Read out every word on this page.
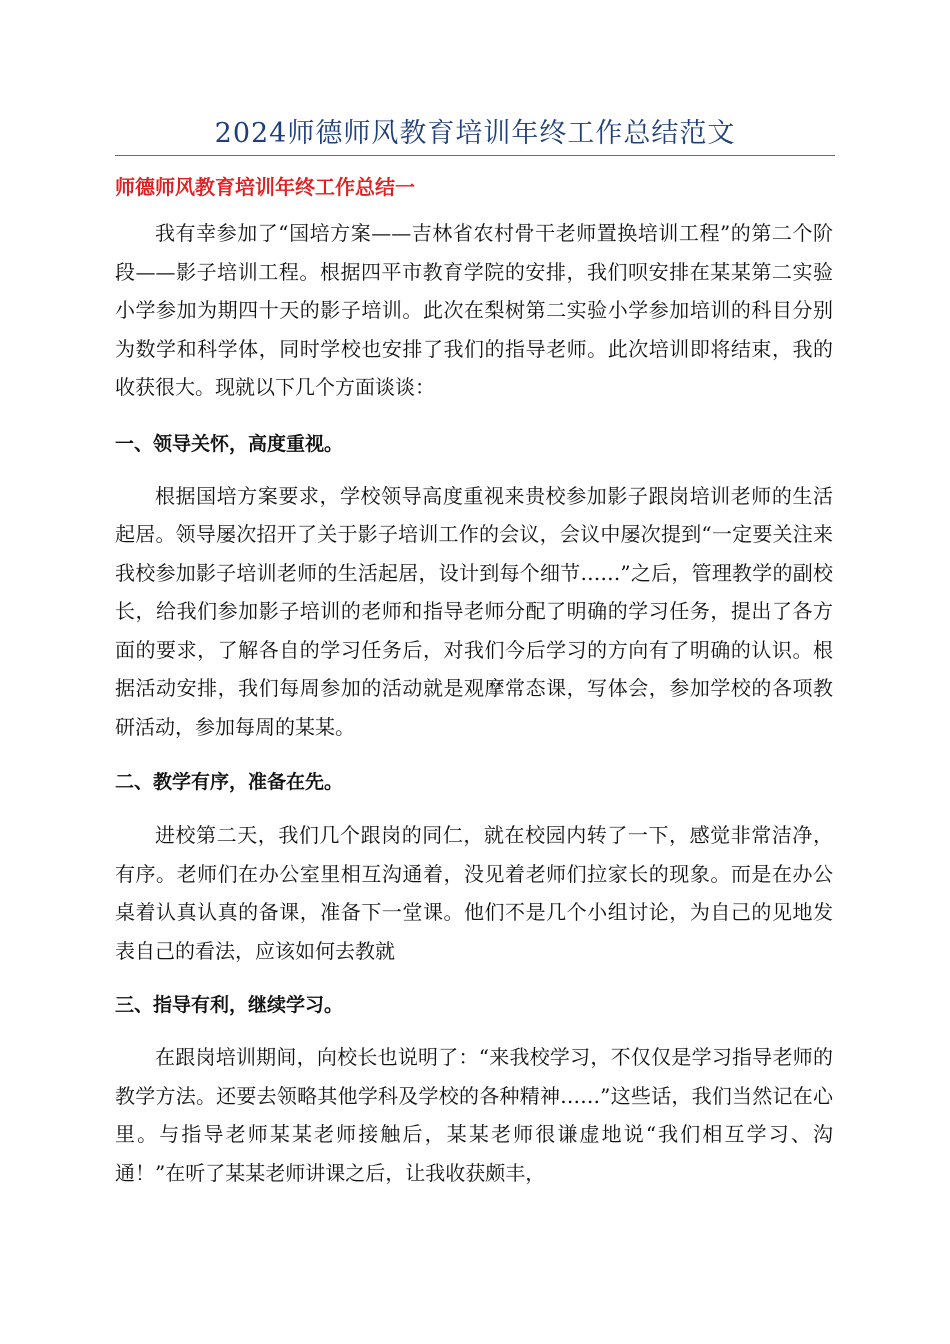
2024师德师风教育培训年终工作总结范文
师德师风教育培训年终工作总结一

我有幸参加了“国培方案——吉林省农村骨干老师置换培训工程”的第二个阶段——影子培训工程。根据四平市教育学院的安排，我们呗安排在某某第二实验小学参加为期四十天的影子培训。此次在梨树第二实验小学参加培训的科目分别为数学和科学体，同时学校也安排了我们的指导老师。此次培训即将结束，我的收获很大。现就以下几个方面谈谈：

一、领导关怀，高度重视。

根据国培方案要求，学校领导高度重视来贵校参加影子跟岗培训老师的生活起居。领导屡次招开了关于影子培训工作的会议，会议中屡次提到“一定要关注来我校参加影子培训老师的生活起居，设计到每个细节……”之后，管理教学的副校长，给我们参加影子培训的老师和指导老师分配了明确的学习任务，提出了各方面的要求，了解各自的学习任务后，对我们今后学习的方向有了明确的认识。根据活动安排，我们每周参加的活动就是观摩常态课，写体会，参加学校的各项教研活动，参加每周的某某。

二、教学有序，准备在先。

进校第二天，我们几个跟岗的同仁，就在校园内转了一下，感觉非常洁净，有序。老师们在办公室里相互沟通着，没见着老师们拉家长的现象。而是在办公桌着认真认真的备课，准备下一堂课。他们不是几个小组讨论，为自己的见地发表自己的看法，应该如何去教就

三、指导有利，继续学习。

在跟岗培训期间，向校长也说明了：“来我校学习，不仅仅是学习指导老师的教学方法。还要去领略其他学科及学校的各种精神……”这些话，我们当然记在心里。与指导老师某某老师接触后，某某老师很谦虚地说“我们相互学习、沟通！”在听了某某老师讲课之后，让我收获颇丰，
